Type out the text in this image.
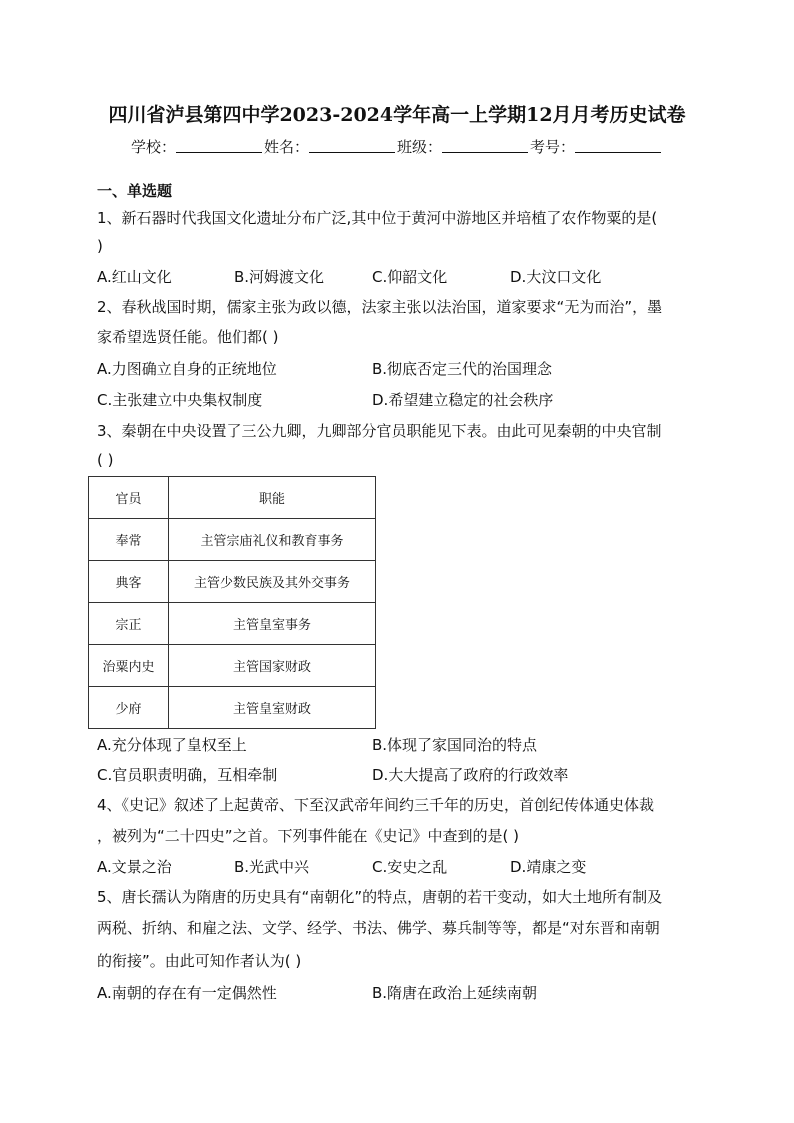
四川省泸县第四中学2023-2024学年高一上学期12月月考历史试卷
学校：	姓名：	班级：	考号：
一、单选题
1、新石器时代我国文化遗址分布广泛,其中位于黄河中游地区并培植了农作物粟的是(
)
A.红山文化	B.河姆渡文化	C.仰韶文化	D.大汶口文化
2、春秋战国时期，儒家主张为政以德，法家主张以法治国，道家要求“无为而治”，墨
家希望选贤任能。他们都( )
A.力图确立自身的正统地位	B.彻底否定三代的治国理念
C.主张建立中央集权制度	D.希望建立稳定的社会秩序
3、秦朝在中央设置了三公九卿，九卿部分官员职能见下表。由此可见秦朝的中央官制
( )
官员	职能
奉常	主管宗庙礼仪和教育事务
典客	主管少数民族及其外交事务
宗正	主管皇室事务
治粟内史	主管国家财政
少府	主管皇室财政
A.充分体现了皇权至上	B.体现了家国同治的特点
C.官员职责明确，互相牵制	D.大大提高了政府的行政效率
4、《史记》叙述了上起黄帝、下至汉武帝年间约三千年的历史，首创纪传体通史体裁
，被列为“二十四史”之首。下列事件能在《史记》中查到的是( )
A.文景之治	B.光武中兴	C.安史之乱	D.靖康之变
5、唐长孺认为隋唐的历史具有“南朝化”的特点，唐朝的若干变动，如大土地所有制及
两税、折纳、和雇之法、文学、经学、书法、佛学、募兵制等等，都是“对东晋和南朝
的衔接”。由此可知作者认为( )
A.南朝的存在有一定偶然性	B.隋唐在政治上延续南朝
